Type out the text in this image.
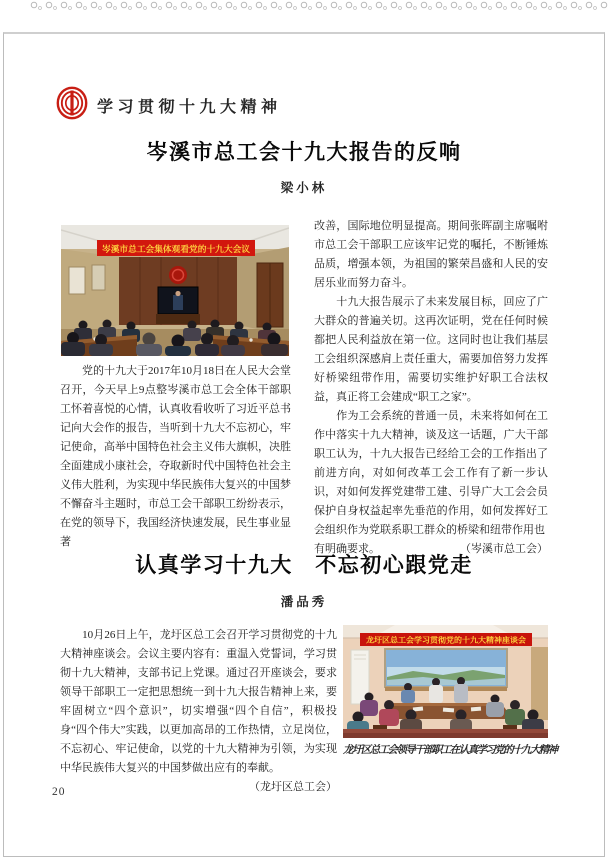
学习贯彻十九大精神
岑溪市总工会十九大报告的反响
梁小林
岑溪市总工会集体观看党的十九大会议

　　党的十九大于2017年10月18日在人民大会堂召开，今天早上9点整岑溪市总工会全体干部职工怀着喜悦的心情，认真收看收听了习近平总书记向大会作的报告，当听到十九大不忘初心，牢记使命，高举中国特色社会主义伟大旗帜，决胜全面建成小康社会，夺取新时代中国特色社会主义伟大胜利，为实现中华民族伟大复兴的中国梦不懈奋斗主题时，市总工会干部职工纷纷表示，在党的领导下，我国经济快速发展，民生事业显著

改善，国际地位明显提高。期间张晖副主席嘱咐市总工会干部职工应该牢记党的嘱托，不断锤炼品质，增强本领，为祖国的繁荣昌盛和人民的安居乐业而努力奋斗。

　　十九大报告展示了未来发展目标，回应了广大群众的普遍关切。这再次证明，党在任何时候都把人民利益放在第一位。这同时也让我们基层工会组织深感肩上责任重大，需要加倍努力发挥好桥梁纽带作用，需要切实维护好职工合法权益，真正将工会建成“职工之家”。

　　作为工会系统的普通一员，未来将如何在工作中落实十九大精神，谈及这一话题，广大干部职工认为，十九大报告已经给工会的工作指出了前进方向，对如何改革工会工作有了新一步认识，对如何发挥党建带工建、引导广大工会会员保护自身权益起率先垂范的作用，如何发挥好工会组织作为党联系职工群众的桥梁和纽带作用也

有明确要求。	（岑溪市总工会）
认真学习十九大　不忘初心跟党走
潘品秀

　　10月26日上午，龙圩区总工会召开学习贯彻党的十九大精神座谈会。会议主要内容有：重温入党誓词，学习贯彻十九大精神，支部书记上党课。通过召开座谈会，要求领导干部职工一定把思想统一到十九大报告精神上来，要牢固树立“四个意识”，切实增强“四个自信”，积极投身“四个伟大”实践，以更加高昂的工作热情，立足岗位，不忘初心、牢记使命，以党的十九大精神为引领，为实现中华民族伟大复兴的中国梦做出应有的奉献。

（龙圩区总工会）
龙圩区总工会学习贯彻党的十九大精神座谈会
龙圩区总工会领导干部职工在认真学习党的十九大精神
20
